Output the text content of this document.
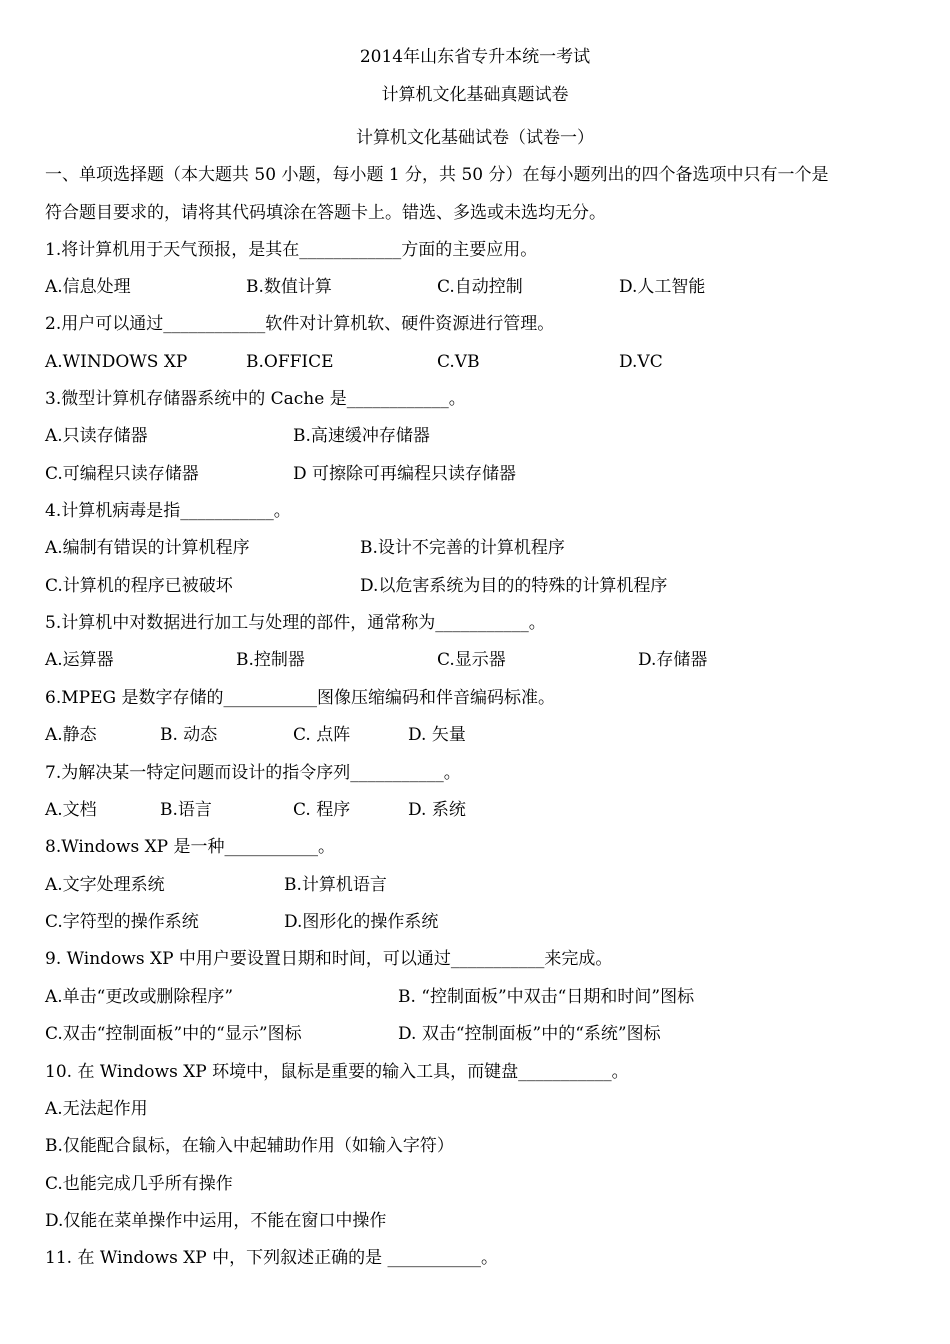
2014年山东省专升本统一考试
计算机文化基础真题试卷
计算机文化基础试卷（试卷一）
一、单项选择题（本大题共 50 小题，每小题 1 分，共 50 分）在每小题列出的四个备选项中只有一个是
符合题目要求的，请将其代码填涂在答题卡上。错选、多选或未选均无分。
1.将计算机用于天气预报，是其在____________方面的主要应用。
A.信息处理	B.数值计算	C.自动控制	D.人工智能
2.用户可以通过____________软件对计算机软、硬件资源进行管理。
A.WINDOWS XP	B.OFFICE	C.VB	D.VC
3.微型计算机存储器系统中的 Cache 是____________。
A.只读存储器	B.高速缓冲存储器
C.可编程只读存储器	D 可擦除可再编程只读存储器
4.计算机病毒是指___________。
A.编制有错误的计算机程序	B.设计不完善的计算机程序
C.计算机的程序已被破坏	D.以危害系统为目的的特殊的计算机程序
5.计算机中对数据进行加工与处理的部件，通常称为___________。
A.运算器	B.控制器	C.显示器	D.存储器
6.MPEG 是数字存储的___________图像压缩编码和伴音编码标准。
A.静态	B. 动态	C. 点阵	D. 矢量
7.为解决某一特定问题而设计的指令序列___________。
A.文档	B.语言	C. 程序	D. 系统
8.Windows XP 是一种___________。
A.文字处理系统	B.计算机语言
C.字符型的操作系统	D.图形化的操作系统
9. Windows XP 中用户要设置日期和时间，可以通过___________来完成。
A.单击“更改或删除程序”	B. “控制面板”中双击“日期和时间”图标
C.双击“控制面板”中的“显示”图标	D. 双击“控制面板”中的“系统”图标
10. 在 Windows XP 环境中，鼠标是重要的输入工具，而键盘___________。
A.无法起作用
B.仅能配合鼠标，在输入中起辅助作用（如输入字符）
C.也能完成几乎所有操作
D.仅能在菜单操作中运用，不能在窗口中操作
11. 在 Windows XP 中，下列叙述正确的是 ___________。
